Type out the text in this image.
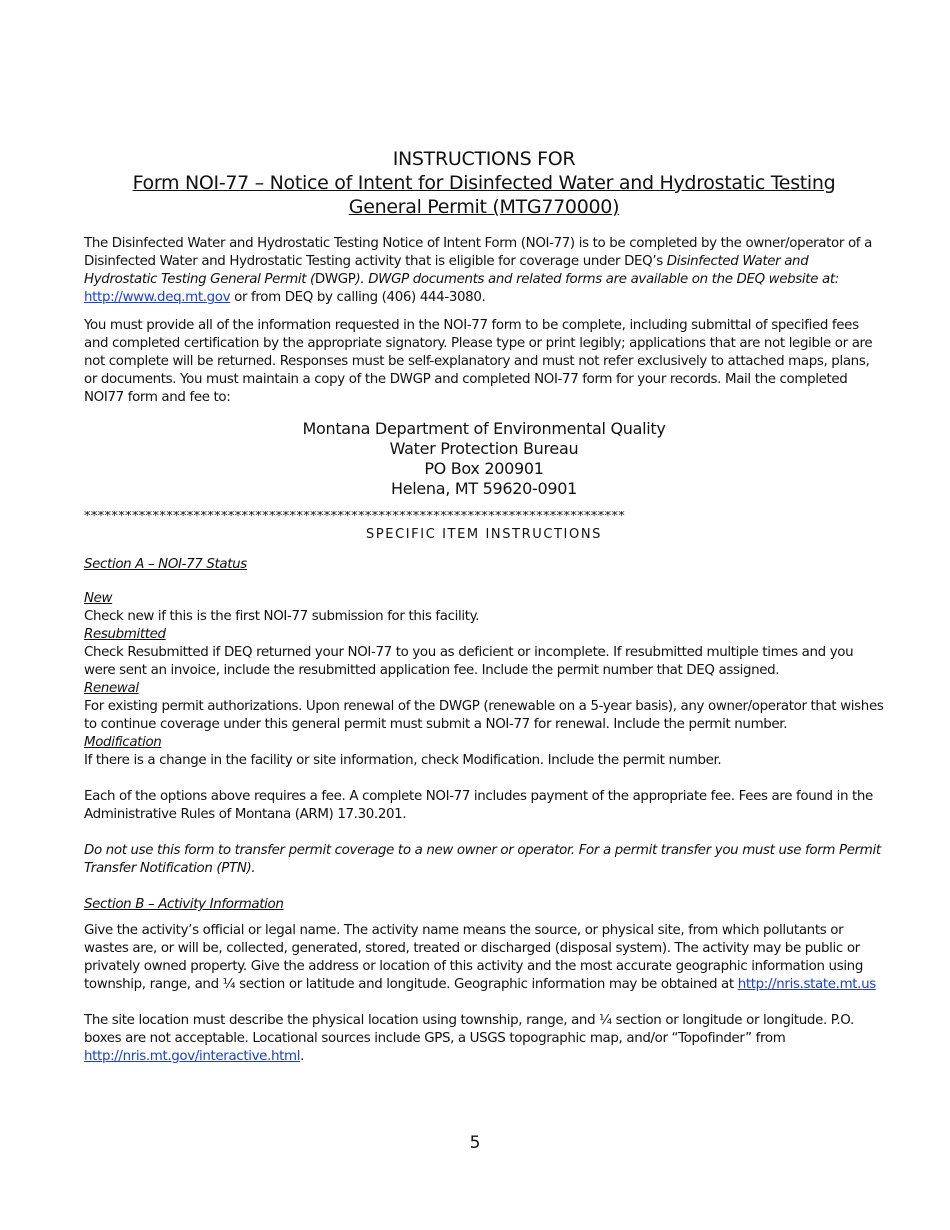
INSTRUCTIONS FOR
Form NOI-77 – Notice of Intent for Disinfected Water and Hydrostatic Testing
General Permit (MTG770000)

The Disinfected Water and Hydrostatic Testing Notice of Intent Form (NOI-77) is to be completed by the owner/operator of a Disinfected Water and Hydrostatic Testing activity that is eligible for coverage under DEQ’s Disinfected Water and Hydrostatic Testing General Permit (DWGP). DWGP documents and related forms are available on the DEQ website at: http://www.deq.mt.gov or from DEQ by calling (406) 444-3080.

You must provide all of the information requested in the NOI-77 form to be complete, including submittal of specified fees and completed certification by the appropriate signatory. Please type or print legibly; applications that are not legible or are not complete will be returned. Responses must be self-explanatory and must not refer exclusively to attached maps, plans, or documents. You must maintain a copy of the DWGP and completed NOI-77 form for your records. Mail the completed NOI77 form and fee to:

Montana Department of Environmental Quality
Water Protection Bureau
PO Box 200901
Helena, MT 59620-0901
*******************************************************************************
SPECIFIC ITEM INSTRUCTIONS
Section A – NOI-77 Status
New

Check new if this is the first NOI-77 submission for this facility.

Resubmitted

Check Resubmitted if DEQ returned your NOI-77 to you as deficient or incomplete. If resubmitted multiple times and you were sent an invoice, include the resubmitted application fee. Include the permit number that DEQ assigned.

Renewal

For existing permit authorizations. Upon renewal of the DWGP (renewable on a 5-year basis), any owner/operator that wishes to continue coverage under this general permit must submit a NOI-77 for renewal. Include the permit number.

Modification

If there is a change in the facility or site information, check Modification. Include the permit number.

Each of the options above requires a fee. A complete NOI-77 includes payment of the appropriate fee. Fees are found in the Administrative Rules of Montana (ARM) 17.30.201.

Do not use this form to transfer permit coverage to a new owner or operator. For a permit transfer you must use form Permit Transfer Notification (PTN).

Section B – Activity Information

Give the activity’s official or legal name. The activity name means the source, or physical site, from which pollutants or wastes are, or will be, collected, generated, stored, treated or discharged (disposal system). The activity may be public or privately owned property. Give the address or location of this activity and the most accurate geographic information using township, range, and ¼ section or latitude and longitude. Geographic information may be obtained at http://nris.state.mt.us

The site location must describe the physical location using township, range, and ¼ section or longitude or longitude. P.O. boxes are not acceptable. Locational sources include GPS, a USGS topographic map, and/or “Topofinder” from http://nris.mt.gov/interactive.html.

5
